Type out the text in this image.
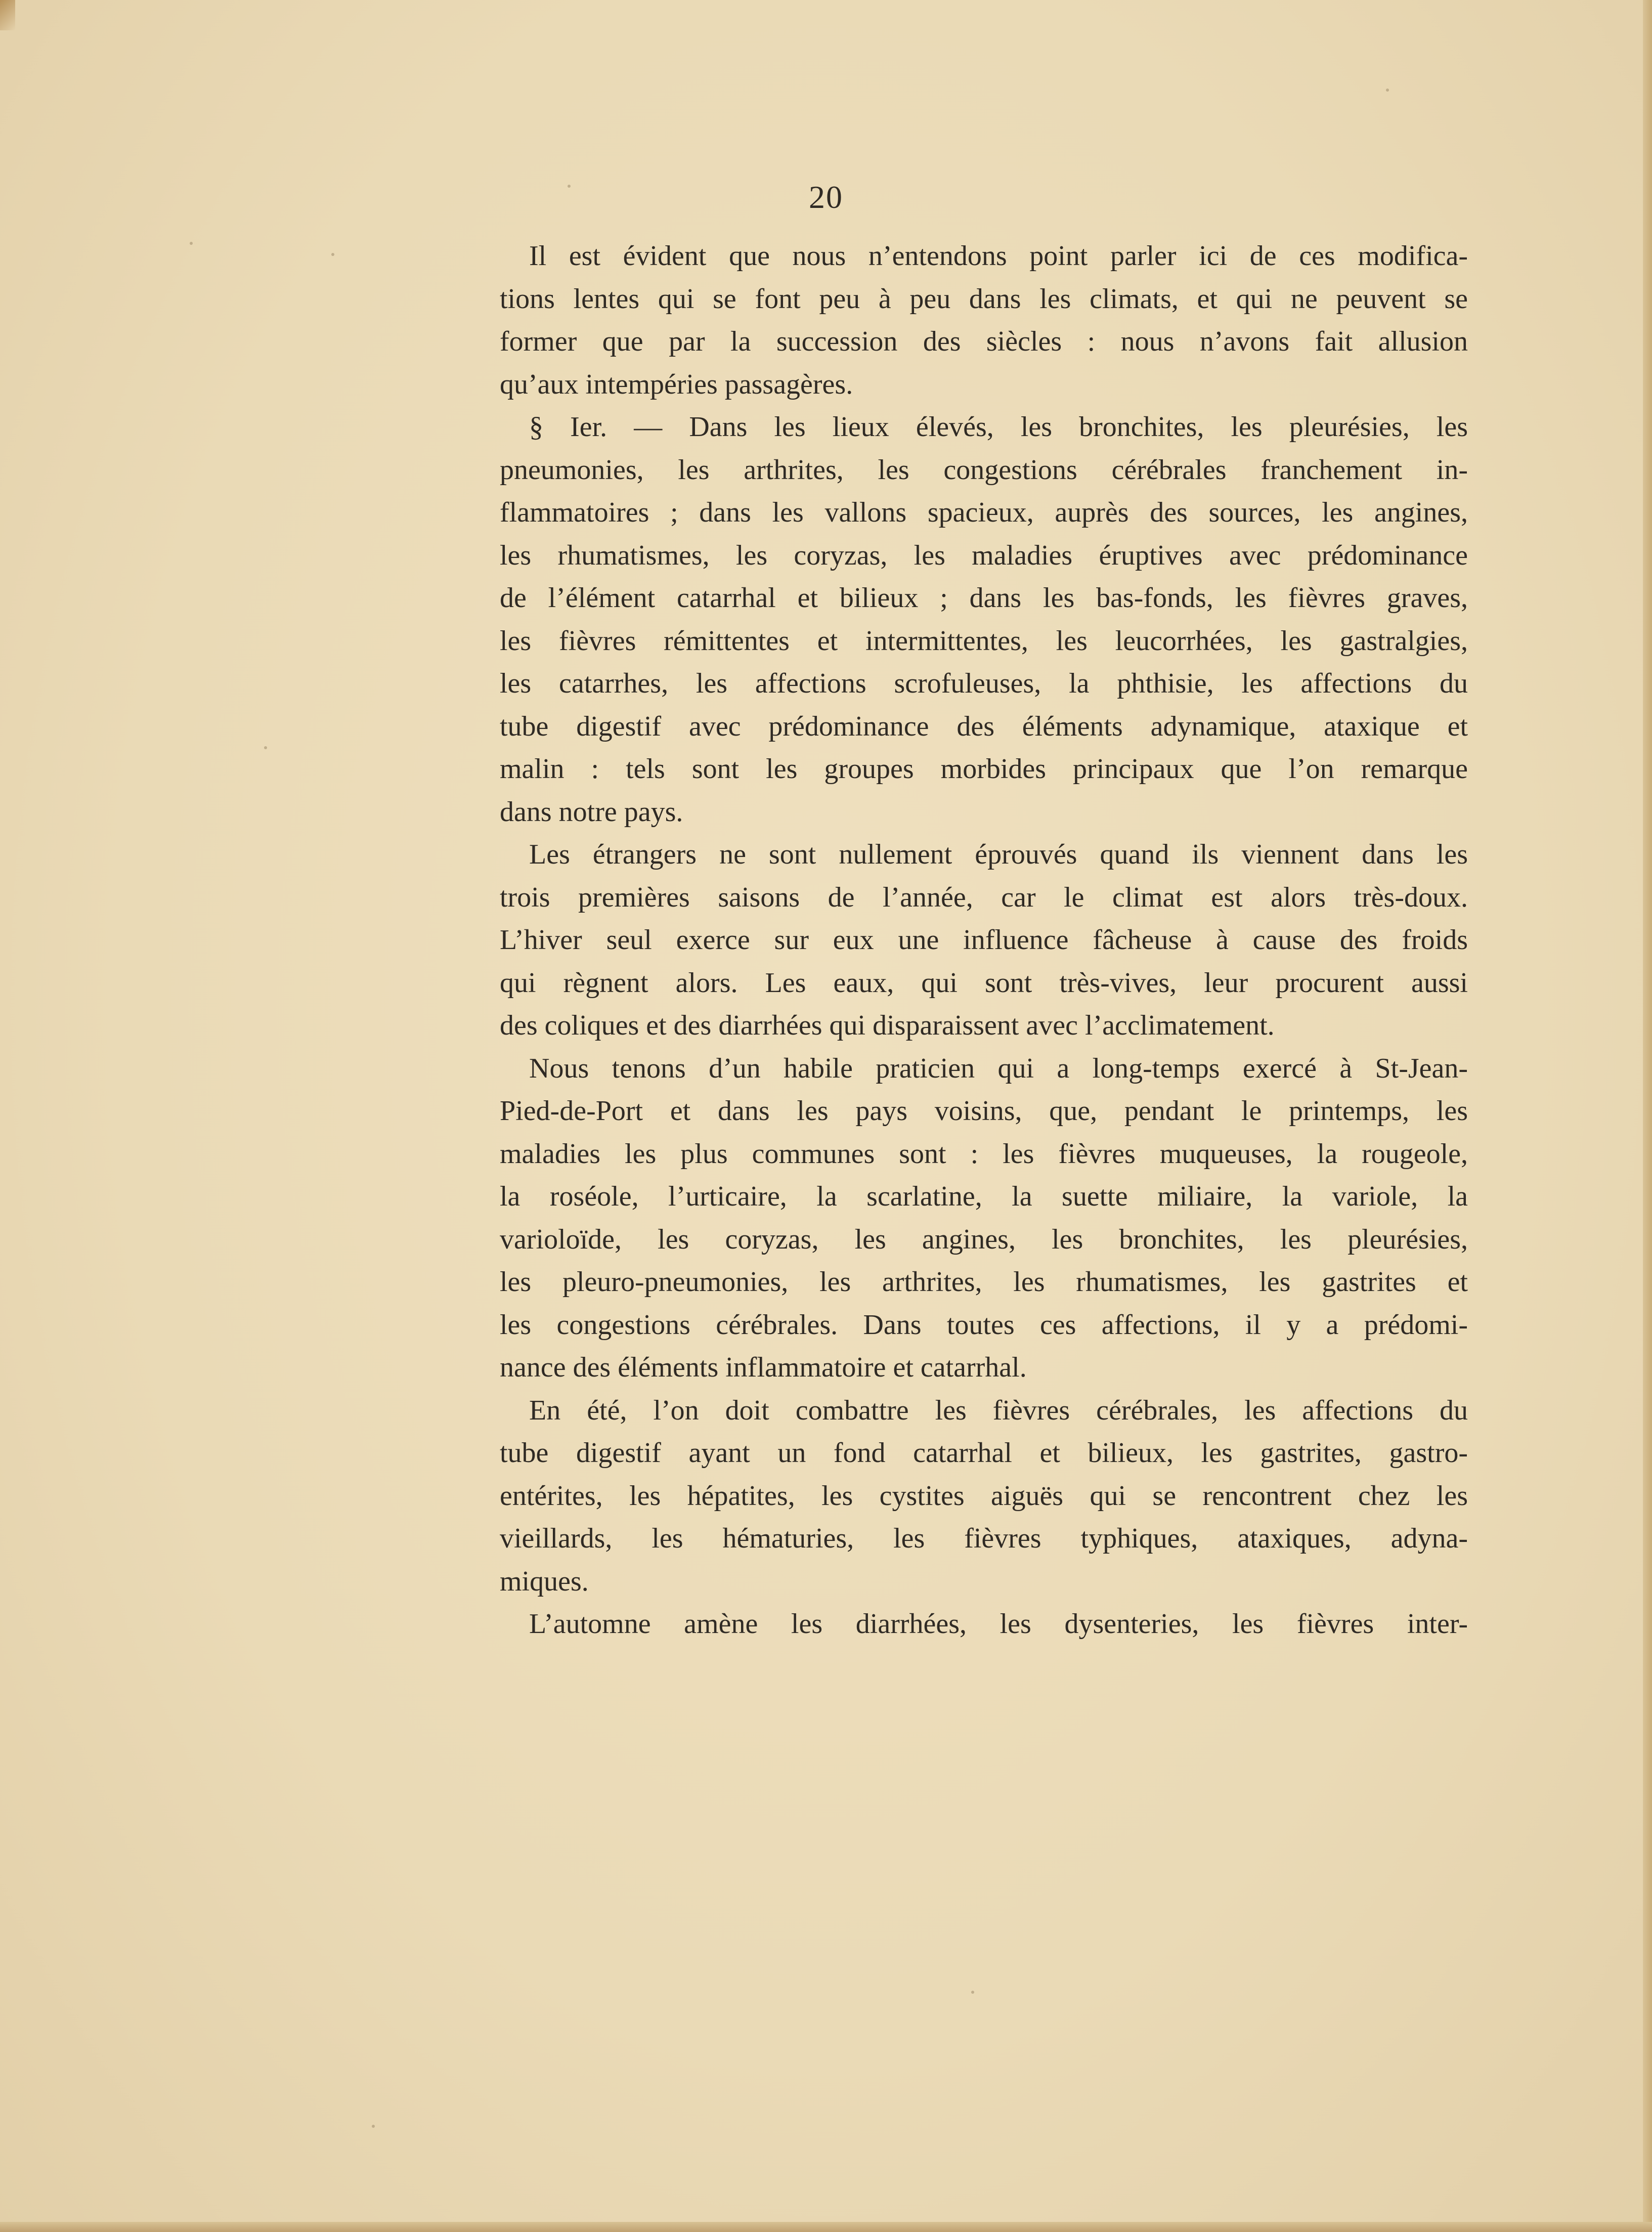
20
Il est évident que nous n’entendons point parler ici de ces modifica-
tions lentes qui se font peu à peu dans les climats, et qui ne peuvent se
former que par la succession des siècles : nous n’avons fait allusion
qu’aux intempéries passagères.
§ Ier. — Dans les lieux élevés, les bronchites, les pleurésies, les
pneumonies, les arthrites, les congestions cérébrales franchement in-
flammatoires ; dans les vallons spacieux, auprès des sources, les angines,
les rhumatismes, les coryzas, les maladies éruptives avec prédominance
de l’élément catarrhal et bilieux ; dans les bas-fonds, les fièvres graves,
les fièvres rémittentes et intermittentes, les leucorrhées, les gastralgies,
les catarrhes, les affections scrofuleuses, la phthisie, les affections du
tube digestif avec prédominance des éléments adynamique, ataxique et
malin : tels sont les groupes morbides principaux que l’on remarque
dans notre pays.
Les étrangers ne sont nullement éprouvés quand ils viennent dans les
trois premières saisons de l’année, car le climat est alors très-doux.
L’hiver seul exerce sur eux une influence fâcheuse à cause des froids
qui règnent alors. Les eaux, qui sont très-vives, leur procurent aussi
des coliques et des diarrhées qui disparaissent avec l’acclimatement.
Nous tenons d’un habile praticien qui a long-temps exercé à St-Jean-
Pied-de-Port et dans les pays voisins, que, pendant le printemps, les
maladies les plus communes sont : les fièvres muqueuses, la rougeole,
la roséole, l’urticaire, la scarlatine, la suette miliaire, la variole, la
varioloïde, les coryzas, les angines, les bronchites, les pleurésies,
les pleuro-pneumonies, les arthrites, les rhumatismes, les gastrites et
les congestions cérébrales. Dans toutes ces affections, il y a prédomi-
nance des éléments inflammatoire et catarrhal.
En été, l’on doit combattre les fièvres cérébrales, les affections du
tube digestif ayant un fond catarrhal et bilieux, les gastrites, gastro-
entérites, les hépatites, les cystites aiguës qui se rencontrent chez les
vieillards, les hématuries, les fièvres typhiques, ataxiques, adyna-
miques.
L’automne amène les diarrhées, les dysenteries, les fièvres inter-
